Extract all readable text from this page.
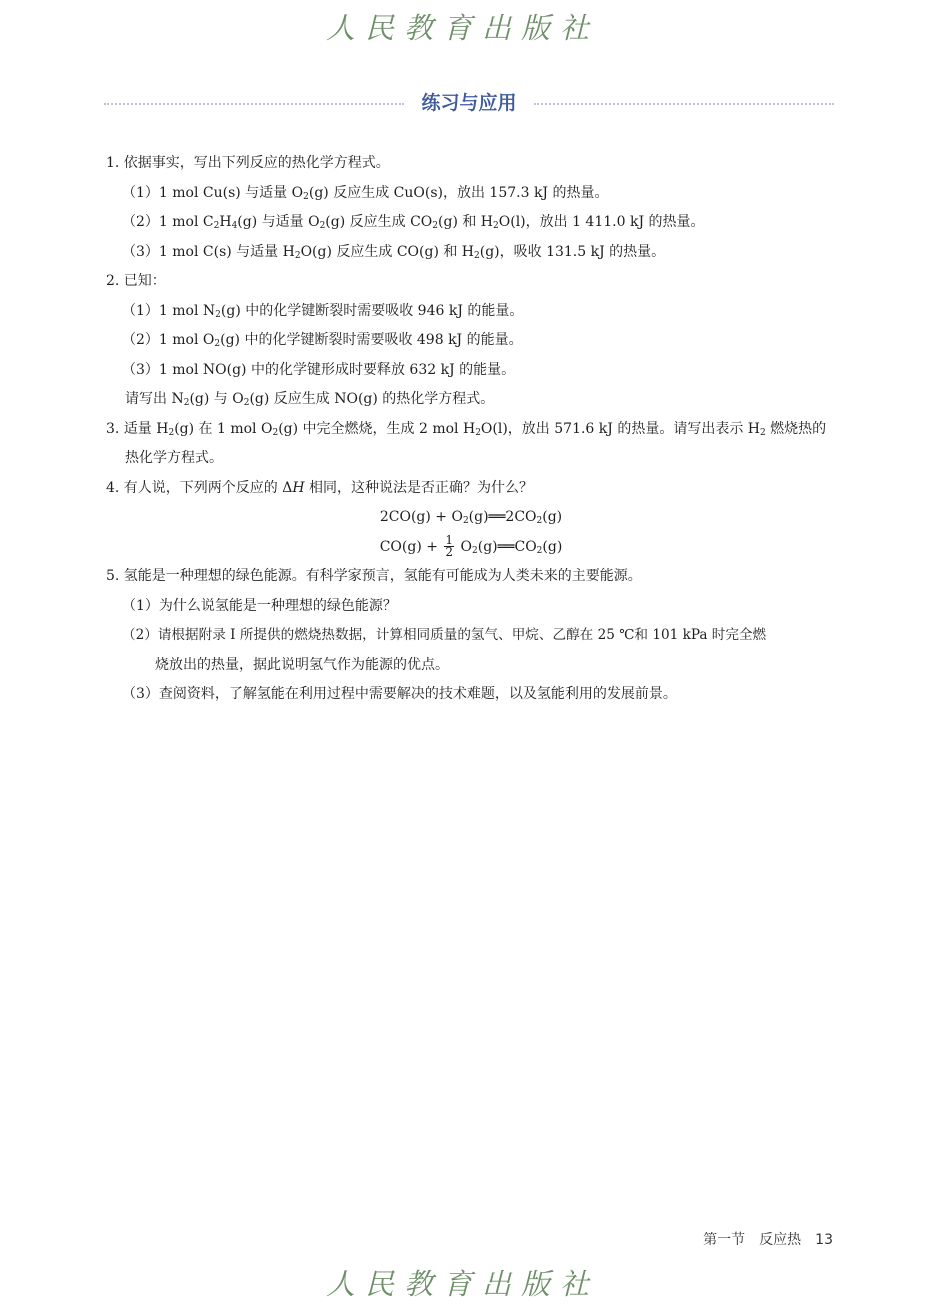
人民教育出版社
练习与应用

1. 依据事实，写出下列反应的热化学方程式。

（1）1 mol Cu(s) 与适量 $O_2(g)$ 反应生成 CuO(s)，放出 157.3 kJ 的热量。

（2）1 mol $C_2H_4(g)$ 与适量 $O_2(g)$ 反应生成 $CO_2(g)$ 和 $H_2O(l)$，放出 1 411.0 kJ 的热量。

（3）1 mol C(s) 与适量 $H_2O(g)$ 反应生成 CO(g) 和 $H_2(g)$，吸收 131.5 kJ 的热量。

2. 已知：

（1）1 mol $N_2(g)$ 中的化学键断裂时需要吸收 946 kJ 的能量。

（2）1 mol $O_2(g)$ 中的化学键断裂时需要吸收 498 kJ 的能量。

（3）1 mol NO(g) 中的化学键形成时要释放 632 kJ 的能量。

请写出 $N_2(g)$ 与 $O_2(g)$ 反应生成 NO(g) 的热化学方程式。

3. 适量 $H_2(g)$ 在 1 mol $O_2(g)$ 中完全燃烧，生成 2 mol $H_2O(l)$，放出 571.6 kJ 的热量。请写出表示 $H_2$ 燃烧热的

热化学方程式。

4. 有人说，下列两个反应的 ΔH 相同，这种说法是否正确？为什么？

$2CO(g) + O_2(g)══2CO_2(g)$

$CO(g) + \frac{1}{2}$ $O_2(g)══CO_2(g)$

5. 氢能是一种理想的绿色能源。有科学家预言，氢能有可能成为人类未来的主要能源。

（1）为什么说氢能是一种理想的绿色能源？

（2）请根据附录 Ⅰ 所提供的燃烧热数据，计算相同质量的氢气、甲烷、乙醇在 25 ℃和 101 kPa 时完全燃

烧放出的热量，据此说明氢气作为能源的优点。

（3）查阅资料，了解氢能在利用过程中需要解决的技术难题，以及氢能利用的发展前景。

第一节　反应热 13
人民教育出版社
